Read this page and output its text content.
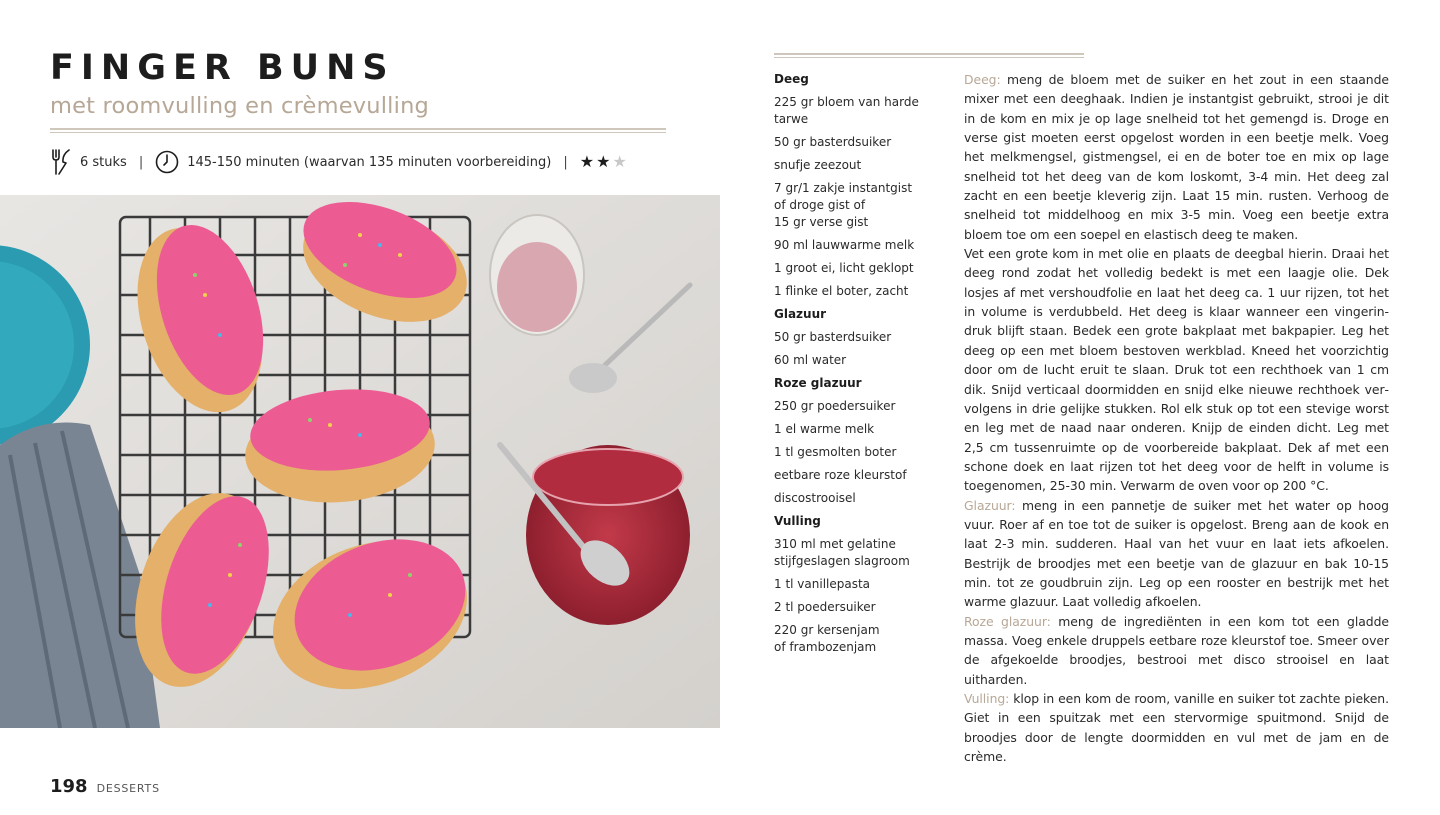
FINGER BUNS
met roomvulling en crèmevulling
6 stuks |	145-150 minuten (waarvan 135 minuten voorbereiding) | ★ ★ ★
198 DESSERTS
Deeg
225 gr bloem van harde
tarwe
50 gr basterdsuiker
snufje zeezout
7 gr/1 zakje instantgist
of droge gist of
15 gr verse gist
90 ml lauwwarme melk
1 groot ei, licht geklopt
1 flinke el boter, zacht
Glazuur
50 gr basterdsuiker
60 ml water
Roze glazuur
250 gr poedersuiker
1 el warme melk
1 tl gesmolten boter
eetbare roze kleurstof
discostrooisel
Vulling
310 ml met gelatine
stijfgeslagen slagroom
1 tl vanillepasta
2 tl poedersuiker
220 gr kersenjam
of frambozenjam

Deeg: meng de bloem met de suiker en het zout in een staande mixer met een deeghaak. Indien je instantgist gebruikt, strooi je dit in de kom en mix je op lage snelheid tot het gemengd is. Droge en verse gist moeten eerst opgelost worden in een beetje melk. Voeg het melkmengsel, gistmengsel, ei en de boter toe en mix op lage snelheid tot het deeg van de kom loskomt, 3-4 min. Het deeg zal zacht en een beetje kleverig zijn. Laat 15 min. rusten. Verhoog de snelheid tot middelhoog en mix 3-5 min. Voeg een beetje extra bloem toe om een soepel en elastisch deeg te maken.

Vet een grote kom in met olie en plaats de deegbal hierin. Draai het deeg rond zodat het volledig bedekt is met een laagje olie. Dek losjes af met vershoudfolie en laat het deeg ca. 1 uur rijzen, tot het in volume is verdubbeld. Het deeg is klaar wanneer een vingerindruk blijft staan. Bedek een grote bakplaat met bakpapier. Leg het deeg op een met bloem bestoven werkblad. Kneed het voorzichtig door om de lucht eruit te slaan. Druk tot een rechthoek van 1 cm dik. Snijd verticaal doormidden en snijd elke nieuwe rechthoek vervolgens in drie gelijke stukken. Rol elk stuk op tot een stevige worst en leg met de naad naar onderen. Knijp de einden dicht. Leg met 2,5 cm tussenruimte op de voorbereide bakplaat. Dek af met een schone doek en laat rijzen tot het deeg voor de helft in volume is toegenomen, 25-30 min. Verwarm de oven voor op 200 °C.

Glazuur: meng in een pannetje de suiker met het water op hoog vuur. Roer af en toe tot de suiker is opgelost. Breng aan de kook en laat 2-3 min. sudderen. Haal van het vuur en laat iets afkoelen. Bestrijk de broodjes met een beetje van de glazuur en bak 10-15 min. tot ze goudbruin zijn. Leg op een rooster en bestrijk met het warme glazuur. Laat volledig afkoelen.

Roze glazuur: meng de ingrediënten in een kom tot een gladde massa. Voeg enkele druppels eetbare roze kleurstof toe. Smeer over de afgekoelde broodjes, bestrooi met disco strooisel en laat uitharden.

Vulling: klop in een kom de room, vanille en suiker tot zachte pieken. Giet in een spuitzak met een stervormige spuitmond. Snijd de broodjes door de lengte doormidden en vul met de jam en de crème.
